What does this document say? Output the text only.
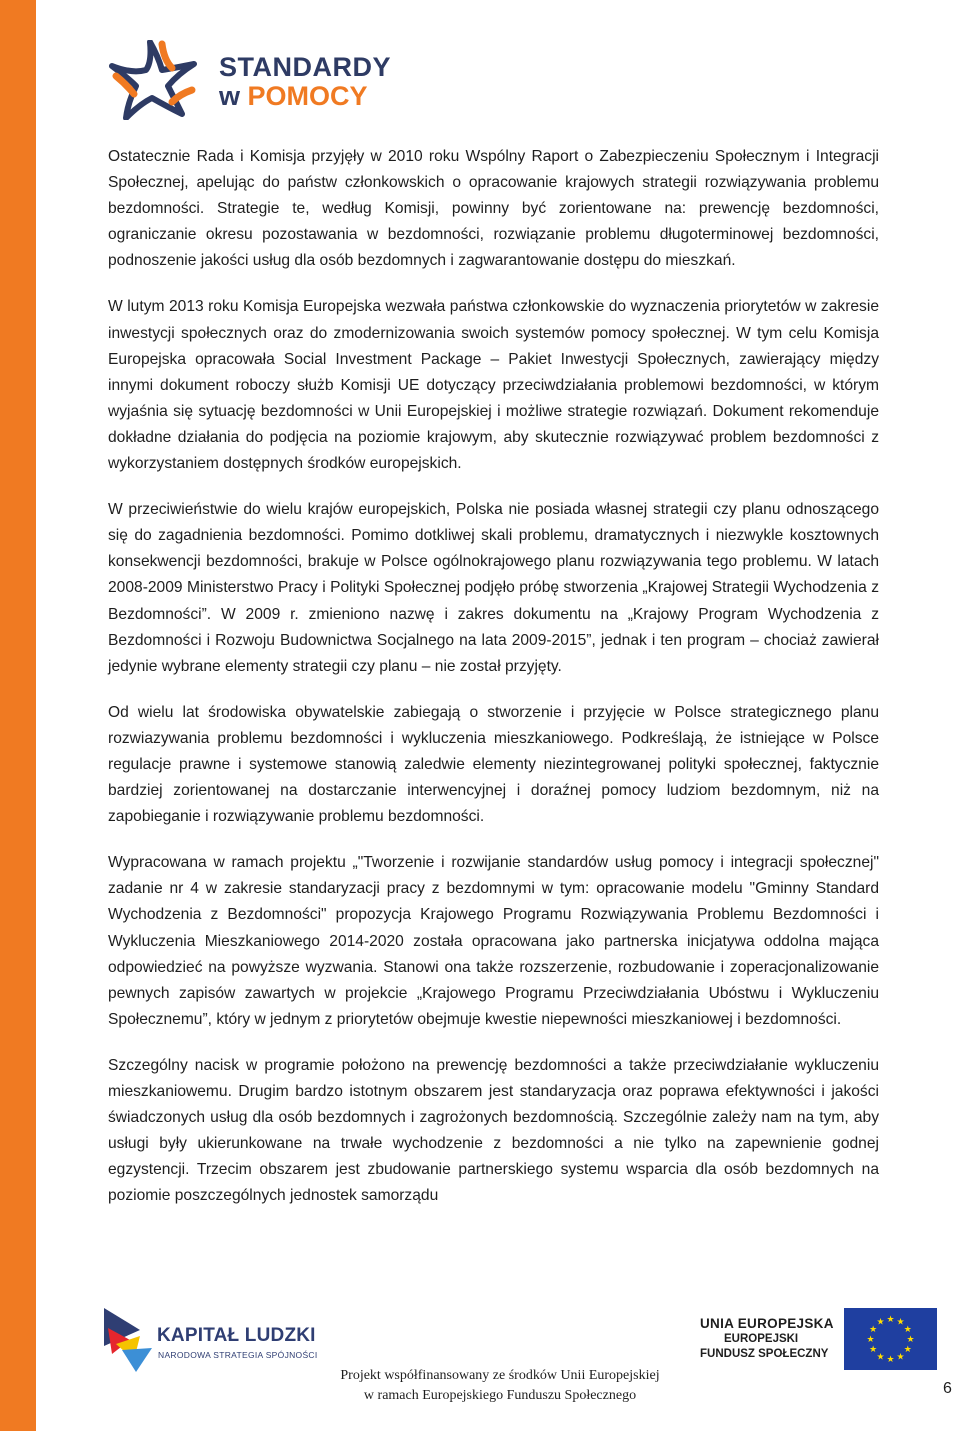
STANDARDY
w POMOCY

Ostatecznie Rada i Komisja przyjęły w 2010 roku Wspólny Raport o Zabezpieczeniu Społecznym i Integracji Społecznej, apelując do państw członkowskich o opracowanie krajowych strategii rozwiązywania problemu bezdomności. Strategie te, według Komisji, powinny być zorientowane na: prewencję bezdomności, ograniczanie okresu pozostawania w bezdomności, rozwiązanie problemu długoterminowej bezdomności, podnoszenie jakości usług dla osób bezdomnych i zagwarantowanie dostępu do mieszkań.

W lutym 2013 roku Komisja Europejska wezwała państwa członkowskie do wyznaczenia priorytetów w zakresie inwestycji społecznych oraz do zmodernizowania swoich systemów pomocy społecznej. W tym celu Komisja Europejska opracowała Social Investment Package – Pakiet Inwestycji Społecznych, zawierający między innymi dokument roboczy służb Komisji UE dotyczący przeciwdziałania problemowi bezdomności, w którym wyjaśnia się sytuację bezdomności w Unii Europejskiej i możliwe strategie rozwiązań. Dokument rekomenduje dokładne działania do podjęcia na poziomie krajowym, aby skutecznie rozwiązywać problem bezdomności z wykorzystaniem dostępnych środków europejskich.

W przeciwieństwie do wielu krajów europejskich, Polska nie posiada własnej strategii czy planu odnoszącego się do zagadnienia bezdomności. Pomimo dotkliwej skali problemu, dramatycznych i niezwykle kosztownych konsekwencji bezdomności, brakuje w Polsce ogólnokrajowego planu rozwiązywania tego problemu. W latach 2008-2009 Ministerstwo Pracy i Polityki Społecznej podjęło próbę stworzenia „Krajowej Strategii Wychodzenia z Bezdomności”. W 2009 r. zmieniono nazwę i zakres dokumentu na „Krajowy Program Wychodzenia z Bezdomności i Rozwoju Budownictwa Socjalnego na lata 2009-2015”, jednak i ten program – chociaż zawierał jedynie wybrane elementy strategii czy planu – nie został przyjęty.

Od wielu lat środowiska obywatelskie zabiegają o stworzenie i przyjęcie w Polsce strategicznego planu rozwiazywania problemu bezdomności i wykluczenia mieszkaniowego. Podkreślają, że istniejące w Polsce regulacje prawne i systemowe stanowią zaledwie elementy niezintegrowanej polityki społecznej, faktycznie bardziej zorientowanej na dostarczanie interwencyjnej i doraźnej pomocy ludziom bezdomnym, niż na zapobieganie i rozwiązywanie problemu bezdomności.

Wypracowana w ramach projektu „"Tworzenie i rozwijanie standardów usług pomocy i integracji społecznej" zadanie nr 4 w zakresie standaryzacji pracy z bezdomnymi w tym: opracowanie modelu "Gminny Standard Wychodzenia z Bezdomności" propozycja Krajowego Programu Rozwiązywania Problemu Bezdomności i Wykluczenia Mieszkaniowego 2014-2020 została opracowana jako partnerska inicjatywa oddolna mająca odpowiedzieć na powyższe wyzwania. Stanowi ona także rozszerzenie, rozbudowanie i zoperacjonalizowanie pewnych zapisów zawartych w projekcie „Krajowego Programu Przeciwdziałania Ubóstwu i Wykluczeniu Społecznemu”, który w jednym z priorytetów obejmuje kwestie niepewności mieszkaniowej i bezdomności.

Szczególny nacisk w programie położono na prewencję bezdomności a także przeciwdziałanie wykluczeniu mieszkaniowemu. Drugim bardzo istotnym obszarem jest standaryzacja oraz poprawa efektywności i jakości świadczonych usług dla osób bezdomnych i zagrożonych bezdomnością. Szczególnie zależy nam na tym, aby usługi były ukierunkowane na trwałe wychodzenie z bezdomności a nie tylko na zapewnienie godnej egzystencji. Trzecim obszarem jest zbudowanie partnerskiego systemu wsparcia dla osób bezdomnych na poziomie poszczególnych jednostek samorządu

KAPITAŁ LUDZKI
NARODOWA STRATEGIA SPÓJNOŚCI
Projekt współfinansowany ze środków Unii Europejskiej
w ramach Europejskiego Funduszu Społecznego
UNIA EUROPEJSKA
EUROPEJSKI
FUNDUSZ SPOŁECZNY
★
★
★
★
★
★
★
★
★ ★ ★
★
6
